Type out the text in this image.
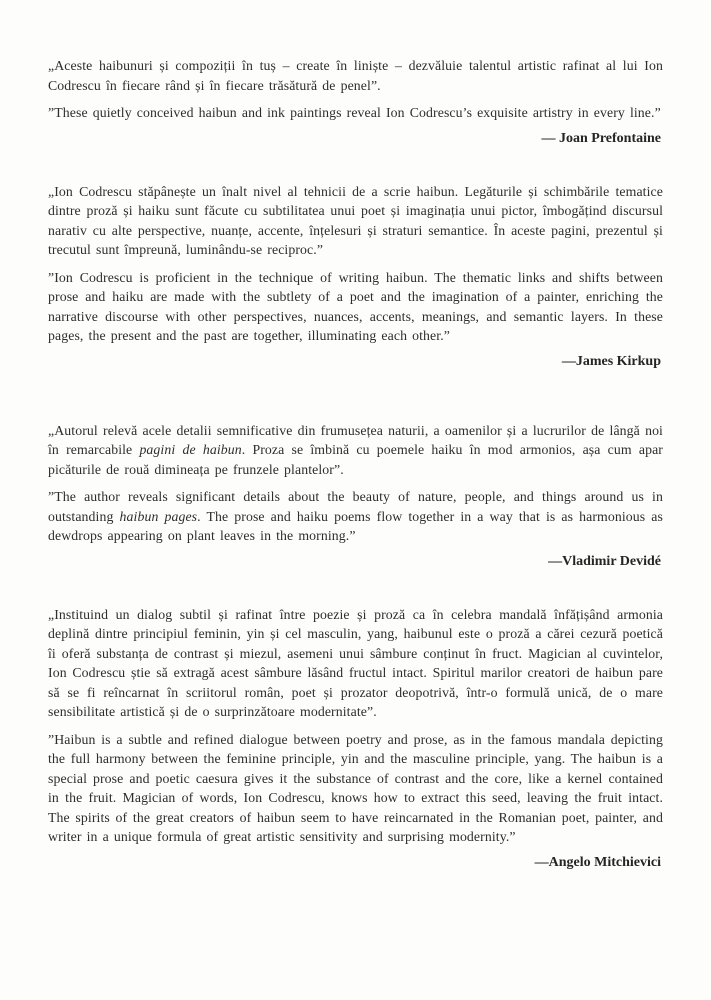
„Aceste haibunuri și compoziții în tuș – create în liniște – dezvăluie talentul artistic rafinat al lui Ion Codrescu în fiecare rând și în fiecare trăsătură de penel”.

”These quietly conceived haibun and ink paintings reveal Ion Codrescu’s exquisite artistry in every line.”

— Joan Prefontaine

„Ion Codrescu stăpânește un înalt nivel al tehnicii de a scrie haibun. Legăturile și schimbările tematice dintre proză și haiku sunt făcute cu subtilitatea unui poet și imaginația unui pictor, îmbogățind discursul narativ cu alte perspective, nuanțe, accente, înțelesuri și straturi semantice. În aceste pagini, prezentul și trecutul sunt împreună, luminându-se reciproc.”

”Ion Codrescu is proficient in the technique of writing haibun. The thematic links and shifts between prose and haiku are made with the subtlety of a poet and the imagination of a painter, enriching the narrative discourse with other perspectives, nuances, accents, meanings, and semantic layers. In these pages, the present and the past are together, illuminating each other.”

—James Kirkup

„Autorul relevă acele detalii semnificative din frumusețea naturii, a oamenilor și a lucrurilor de lângă noi în remarcabile pagini de haibun. Proza se îmbină cu poemele haiku în mod armonios, așa cum apar picăturile de rouă dimineața pe frunzele plantelor”.

”The author reveals significant details about the beauty of nature, people, and things around us in outstanding haibun pages. The prose and haiku poems flow together in a way that is as harmonious as dewdrops appearing on plant leaves in the morning.”

—Vladimir Devidé

„Instituind un dialog subtil și rafinat între poezie și proză ca în celebra mandală înfățișând armonia deplină dintre principiul feminin, yin și cel masculin, yang, haibunul este o proză a cărei cezură poetică îi oferă substanța de contrast și miezul, asemeni unui sâmbure conținut în fruct. Magician al cuvintelor, Ion Codrescu știe să extragă acest sâmbure lăsând fructul intact. Spiritul marilor creatori de haibun pare să se fi reîncarnat în scriitorul român, poet și prozator deopotrivă, într-o formulă unică, de o mare sensibilitate artistică și de o surprinzătoare modernitate”.

”Haibun is a subtle and refined dialogue between poetry and prose, as in the famous mandala depicting the full harmony between the feminine principle, yin and the masculine principle, yang. The haibun is a special prose and poetic caesura gives it the substance of contrast and the core, like a kernel contained in the fruit. Magician of words, Ion Codrescu, knows how to extract this seed, leaving the fruit intact. The spirits of the great creators of haibun seem to have reincarnated in the Romanian poet, painter, and writer in a unique formula of great artistic sensitivity and surprising modernity.”

—Angelo Mitchievici
